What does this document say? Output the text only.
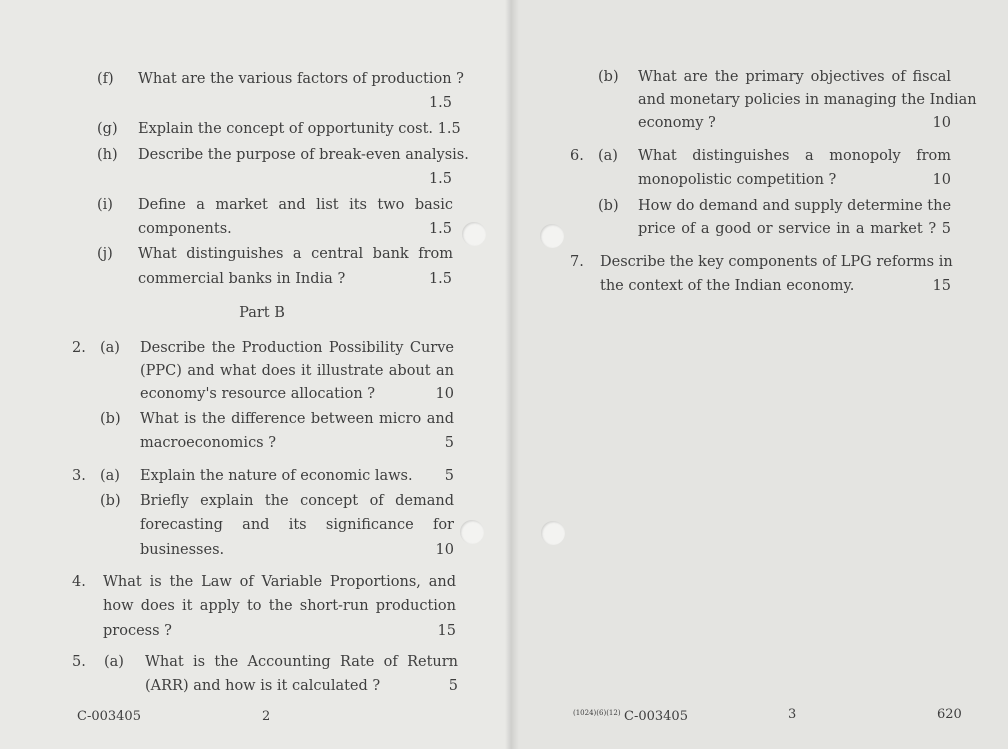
(f) What are the various factors of production ?
1.5
(g) Explain the concept of opportunity cost. 1.5
(h) Describe the purpose of break-even analysis.
1.5
(i) Define a market and list its two basic
components.	1.5
(j) What distinguishes a central bank from
commercial banks in India ?	1.5
Part B
2. (a) Describe the Production Possibility Curve
(PPC) and what does it illustrate about an
economy's resource allocation ?	10
(b) What is the difference between micro and
macroeconomics ?	5
3. (a) Explain the nature of economic laws.	5
(b) Briefly explain the concept of demand
forecasting and its significance for
businesses.	10
4. What is the Law of Variable Proportions, and
how does it apply to the short-run production
process ?	15
5. (a) What is the Accounting Rate of Return
(ARR) and how is it calculated ?	5
C-003405	2
(b) What are the primary objectives of fiscal
and monetary policies in managing the Indian
economy ?	10
6. (a) What distinguishes a monopoly from
monopolistic competition ?	10
(b) How do demand and supply determine the
price of a good or service in a market ? 5
7. Describe the key components of LPG reforms in
the context of the Indian economy.	15
(1024)(6)(12) C-003405	3	620
